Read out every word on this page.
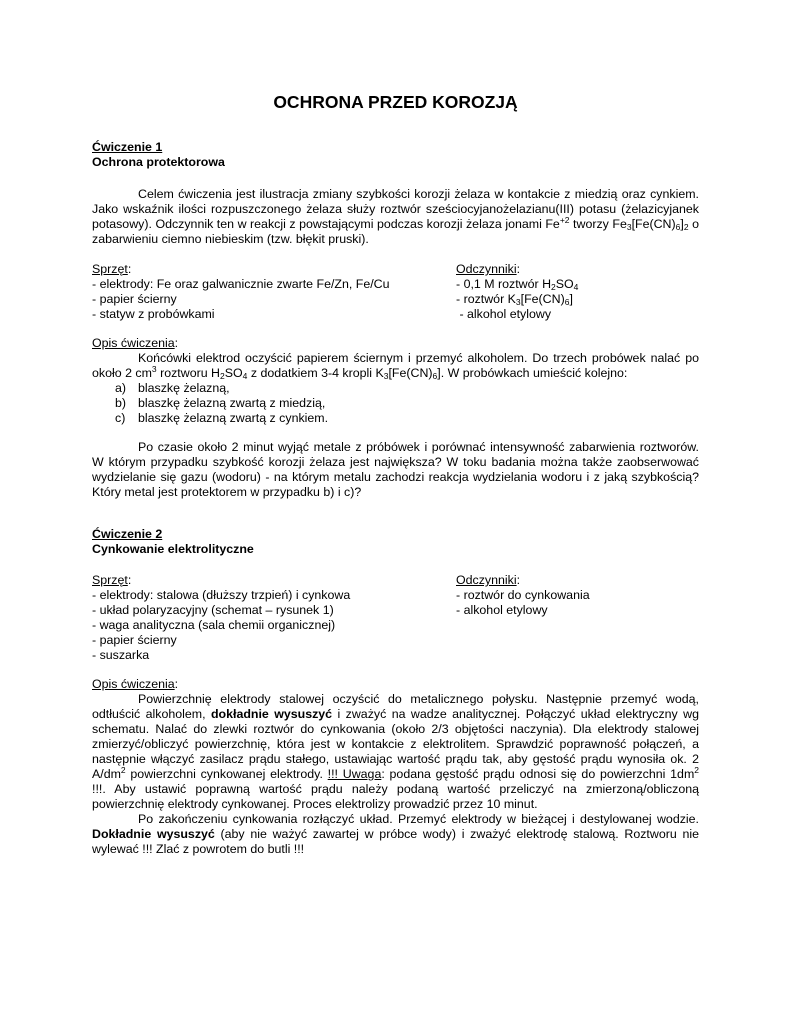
OCHRONA PRZED KOROZJĄ
Ćwiczenie 1
Ochrona protektorowa
Celem ćwiczenia jest ilustracja zmiany szybkości korozji żelaza w kontakcie z miedzią oraz cynkiem. Jako wskaźnik ilości rozpuszczonego żelaza służy roztwór sześciocyjanożelazianu(III) potasu (żelazicyjanek potasowy). Odczynnik ten w reakcji z powstającymi podczas korozji żelaza jonami $Fe^{+2}$ tworzy $Fe_3[Fe(CN)_6]_2$ o zabarwieniu ciemno niebieskim (tzw. błękit pruski).
Sprzęt:
- elektrody: Fe oraz galwanicznie zwarte Fe/Zn, Fe/Cu
- papier ścierny
- statyw z probówkami
Odczynniki:
- 0,1 M roztwór $H_2SO_4$
- roztwór $K_3[Fe(CN)_6]$
- alkohol etylowy
Opis ćwiczenia:
Końcówki elektrod oczyścić papierem ściernym i przemyć alkoholem. Do trzech probówek nalać po około 2 $cm^3$ roztworu $H_2SO_4$ z dodatkiem 3-4 kropli $K_3[Fe(CN)_6]$. W probówkach umieścić kolejno:
a) blaszkę żelazną,
b) blaszkę żelazną zwartą z miedzią,
c)	blaszkę żelazną zwartą z cynkiem.
Po czasie około 2 minut wyjąć metale z próbówek i porównać intensywność zabarwienia roztworów. W którym przypadku szybkość korozji żelaza jest największa? W toku badania można także zaobserwować wydzielanie się gazu (wodoru) - na którym metalu zachodzi reakcja wydzielania wodoru i z jaką szybkością? Który metal jest protektorem w przypadku b) i c)?
Ćwiczenie 2
Cynkowanie elektrolityczne
Sprzęt:
- elektrody: stalowa (dłuższy trzpień) i cynkowa
- układ polaryzacyjny (schemat – rysunek 1)
- waga analityczna (sala chemii organicznej)
- papier ścierny
- suszarka
Odczynniki:
- roztwór do cynkowania
- alkohol etylowy
Opis ćwiczenia:
Powierzchnię elektrody stalowej oczyścić do metalicznego połysku. Następnie przemyć wodą, odtłuścić alkoholem, dokładnie wysuszyć i zważyć na wadze analitycznej. Połączyć układ elektryczny wg schematu. Nalać do zlewki roztwór do cynkowania (około 2/3 objętości naczynia). Dla elektrody stalowej zmierzyć/obliczyć powierzchnię, która jest w kontakcie z elektrolitem. Sprawdzić poprawność połączeń, a następnie włączyć zasilacz prądu stałego, ustawiając wartość prądu tak, aby gęstość prądu wynosiła ok. 2 $A/dm^2$ powierzchni cynkowanej elektrody. !!! Uwaga: podana gęstość prądu odnosi się do powierzchni $1dm^2$ !!!. Aby ustawić poprawną wartość prądu należy podaną wartość przeliczyć na zmierzoną/obliczoną powierzchnię elektrody cynkowanej. Proces elektrolizy prowadzić przez 10 minut.
Po zakończeniu cynkowania rozłączyć układ. Przemyć elektrody w bieżącej i destylowanej wodzie. Dokładnie wysuszyć (aby nie ważyć zawartej w próbce wody) i zważyć elektrodę stalową. Roztworu nie wylewać !!! Zlać z powrotem do butli !!!
